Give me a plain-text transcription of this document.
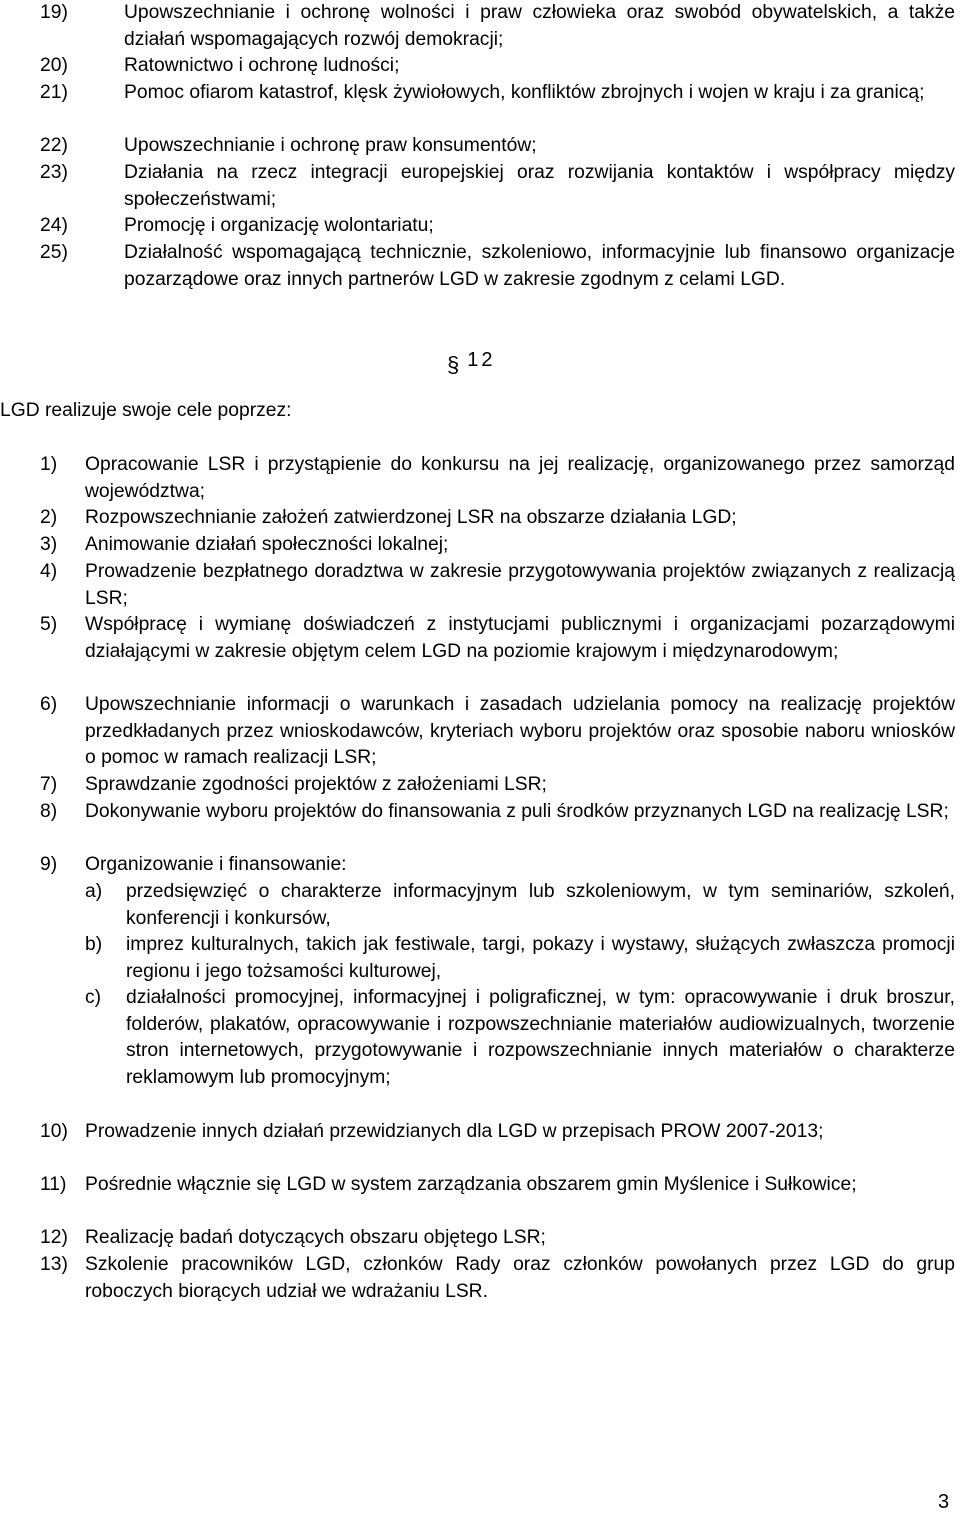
19)	Upowszechnianie i ochronę wolności i praw człowieka oraz swobód obywatelskich, a także działań wspomagających rozwój demokracji;
20)	Ratownictwo i ochronę ludności;
21)	Pomoc ofiarom katastrof, klęsk żywiołowych, konfliktów zbrojnych i wojen w kraju i za granicą;
22)	Upowszechnianie i ochronę praw konsumentów;
23)	Działania na rzecz integracji europejskiej oraz rozwijania kontaktów i współpracy między społeczeństwami;
24)	Promocję i organizację wolontariatu;
25)	Działalność wspomagającą technicznie, szkoleniowo, informacyjnie lub finansowo organizacje pozarządowe oraz innych partnerów LGD w zakresie zgodnym z celami LGD.
§ 12
LGD realizuje swoje cele poprzez:
1) Opracowanie LSR i przystąpienie do konkursu na jej realizację, organizowanego przez samorząd województwa;
2) Rozpowszechnianie założeń zatwierdzonej LSR na obszarze działania LGD;
3) Animowanie działań społeczności lokalnej;
4) Prowadzenie bezpłatnego doradztwa w zakresie przygotowywania projektów związanych z realizacją LSR;
5) Współpracę i wymianę doświadczeń z instytucjami publicznymi i organizacjami pozarządowymi działającymi w zakresie objętym celem LGD na poziomie krajowym i międzynarodowym;
6) Upowszechnianie informacji o warunkach i zasadach udzielania pomocy na realizację projektów przedkładanych przez wnioskodawców, kryteriach wyboru projektów oraz sposobie naboru wniosków o pomoc w ramach realizacji LSR;
7) Sprawdzanie zgodności projektów z założeniami LSR;
8) Dokonywanie wyboru projektów do finansowania z puli środków przyznanych LGD na realizację LSR;
9) Organizowanie i finansowanie:
a) przedsięwzięć o charakterze informacyjnym lub szkoleniowym, w tym seminariów, szkoleń, konferencji i konkursów,
b) imprez kulturalnych, takich jak festiwale, targi, pokazy i wystawy, służących zwłaszcza promocji regionu i jego tożsamości kulturowej,
c) działalności promocyjnej, informacyjnej i poligraficznej, w tym: opracowywanie i druk broszur, folderów, plakatów, opracowywanie i rozpowszechnianie materiałów audiowizualnych, tworzenie stron internetowych, przygotowywanie i rozpowszechnianie innych materiałów o charakterze reklamowym lub promocyjnym;
10) Prowadzenie innych działań przewidzianych dla LGD w przepisach PROW 2007-2013;
11) Pośrednie włącznie się LGD w system zarządzania obszarem gmin Myślenice i Sułkowice;
12) Realizację badań dotyczących obszaru objętego LSR;
13) Szkolenie pracowników LGD, członków Rady oraz członków powołanych przez LGD do grup roboczych biorących udział we wdrażaniu LSR.
3
